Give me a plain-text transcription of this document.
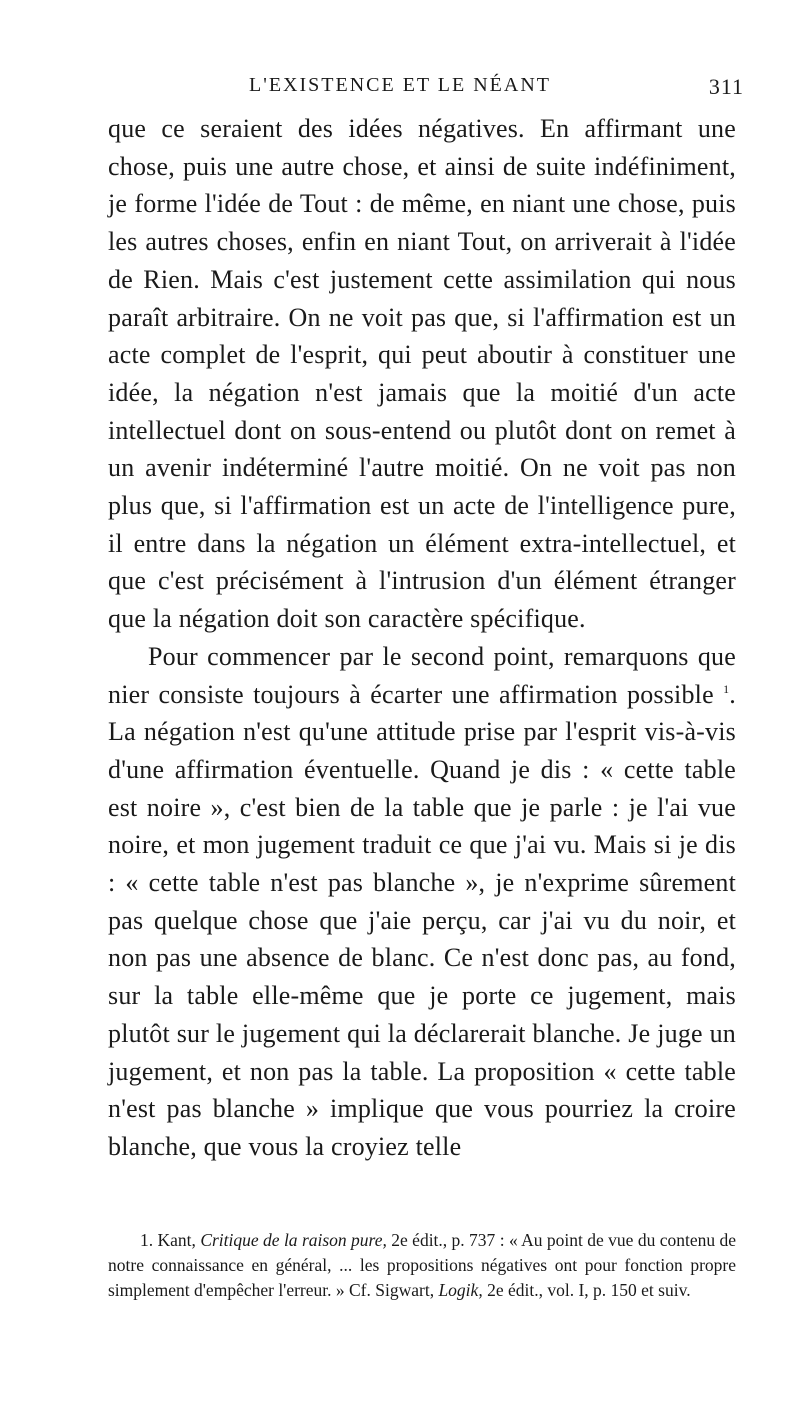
L'EXISTENCE ET LE NÉANT	311

que ce seraient des idées négatives. En affirmant une chose, puis une autre chose, et ainsi de suite indéfiniment, je forme l'idée de Tout : de même, en niant une chose, puis les autres choses, enfin en niant Tout, on arriverait à l'idée de Rien. Mais c'est justement cette assimilation qui nous paraît arbitraire. On ne voit pas que, si l'affirmation est un acte complet de l'esprit, qui peut aboutir à constituer une idée, la négation n'est jamais que la moitié d'un acte intellectuel dont on sous-entend ou plutôt dont on remet à un avenir indéterminé l'autre moitié. On ne voit pas non plus que, si l'affirmation est un acte de l'intelligence pure, il entre dans la négation un élément extra-intellectuel, et que c'est précisément à l'intrusion d'un élément étranger que la négation doit son caractère spécifique.

Pour commencer par le second point, remarquons que nier consiste toujours à écarter une affirmation possible $^1$. La négation n'est qu'une attitude prise par l'esprit vis-à-vis d'une affirmation éventuelle. Quand je dis : « cette table est noire », c'est bien de la table que je parle : je l'ai vue noire, et mon jugement traduit ce que j'ai vu. Mais si je dis : « cette table n'est pas blanche », je n'exprime sûrement pas quelque chose que j'aie perçu, car j'ai vu du noir, et non pas une absence de blanc. Ce n'est donc pas, au fond, sur la table elle-même que je porte ce jugement, mais plutôt sur le jugement qui la déclarerait blanche. Je juge un jugement, et non pas la table. La proposition « cette table n'est pas blanche » implique que vous pourriez la croire blanche, que vous la croyiez telle

1. Kant, Critique de la raison pure, 2e édit., p. 737 : « Au point de vue du contenu de notre connaissance en général, ... les propositions négatives ont pour fonction propre simplement d'empêcher l'erreur. » Cf. Sigwart, Logik, 2e édit., vol. I, p. 150 et suiv.
